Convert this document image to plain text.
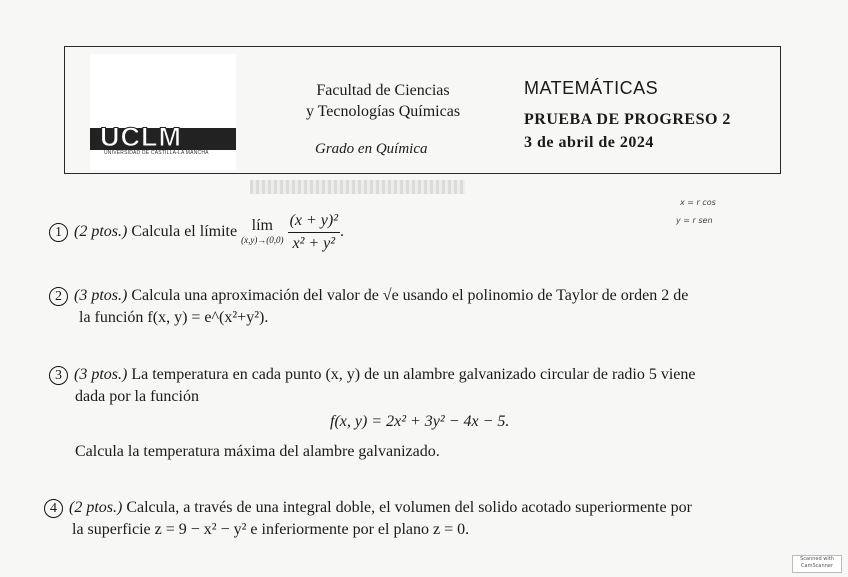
UCLM
UNIVERSIDAD DE CASTILLA-LA MANCHA
Facultad de Ciencias
y Tecnologías Químicas
Grado en Química
MATEMÁTICAS
PRUEBA DE PROGRESO 2
3 de abril de 2024
x = r cos
y = r sen
1 (2 ptos.) Calcula el límite lím
(x,y)→(0,0)
$\frac{\text{(x + y)²}}{\text{x² + y²}}$ .
2 (3 ptos.) Calcula una aproximación del valor de √e usando el polinomio de Taylor de orden 2 de
la función f(x, y) = e^(x²+y²).
3 (3 ptos.) La temperatura en cada punto (x, y) de un alambre galvanizado circular de radio 5 viene
dada por la función
f(x, y) = 2x² + 3y² − 4x − 5.
Calcula la temperatura máxima del alambre galvanizado.
4 (2 ptos.) Calcula, a través de una integral doble, el volumen del solido acotado superiormente por
la superficie z = 9 − x² − y² e inferiormente por el plano z = 0.
Scanned with
CamScanner
